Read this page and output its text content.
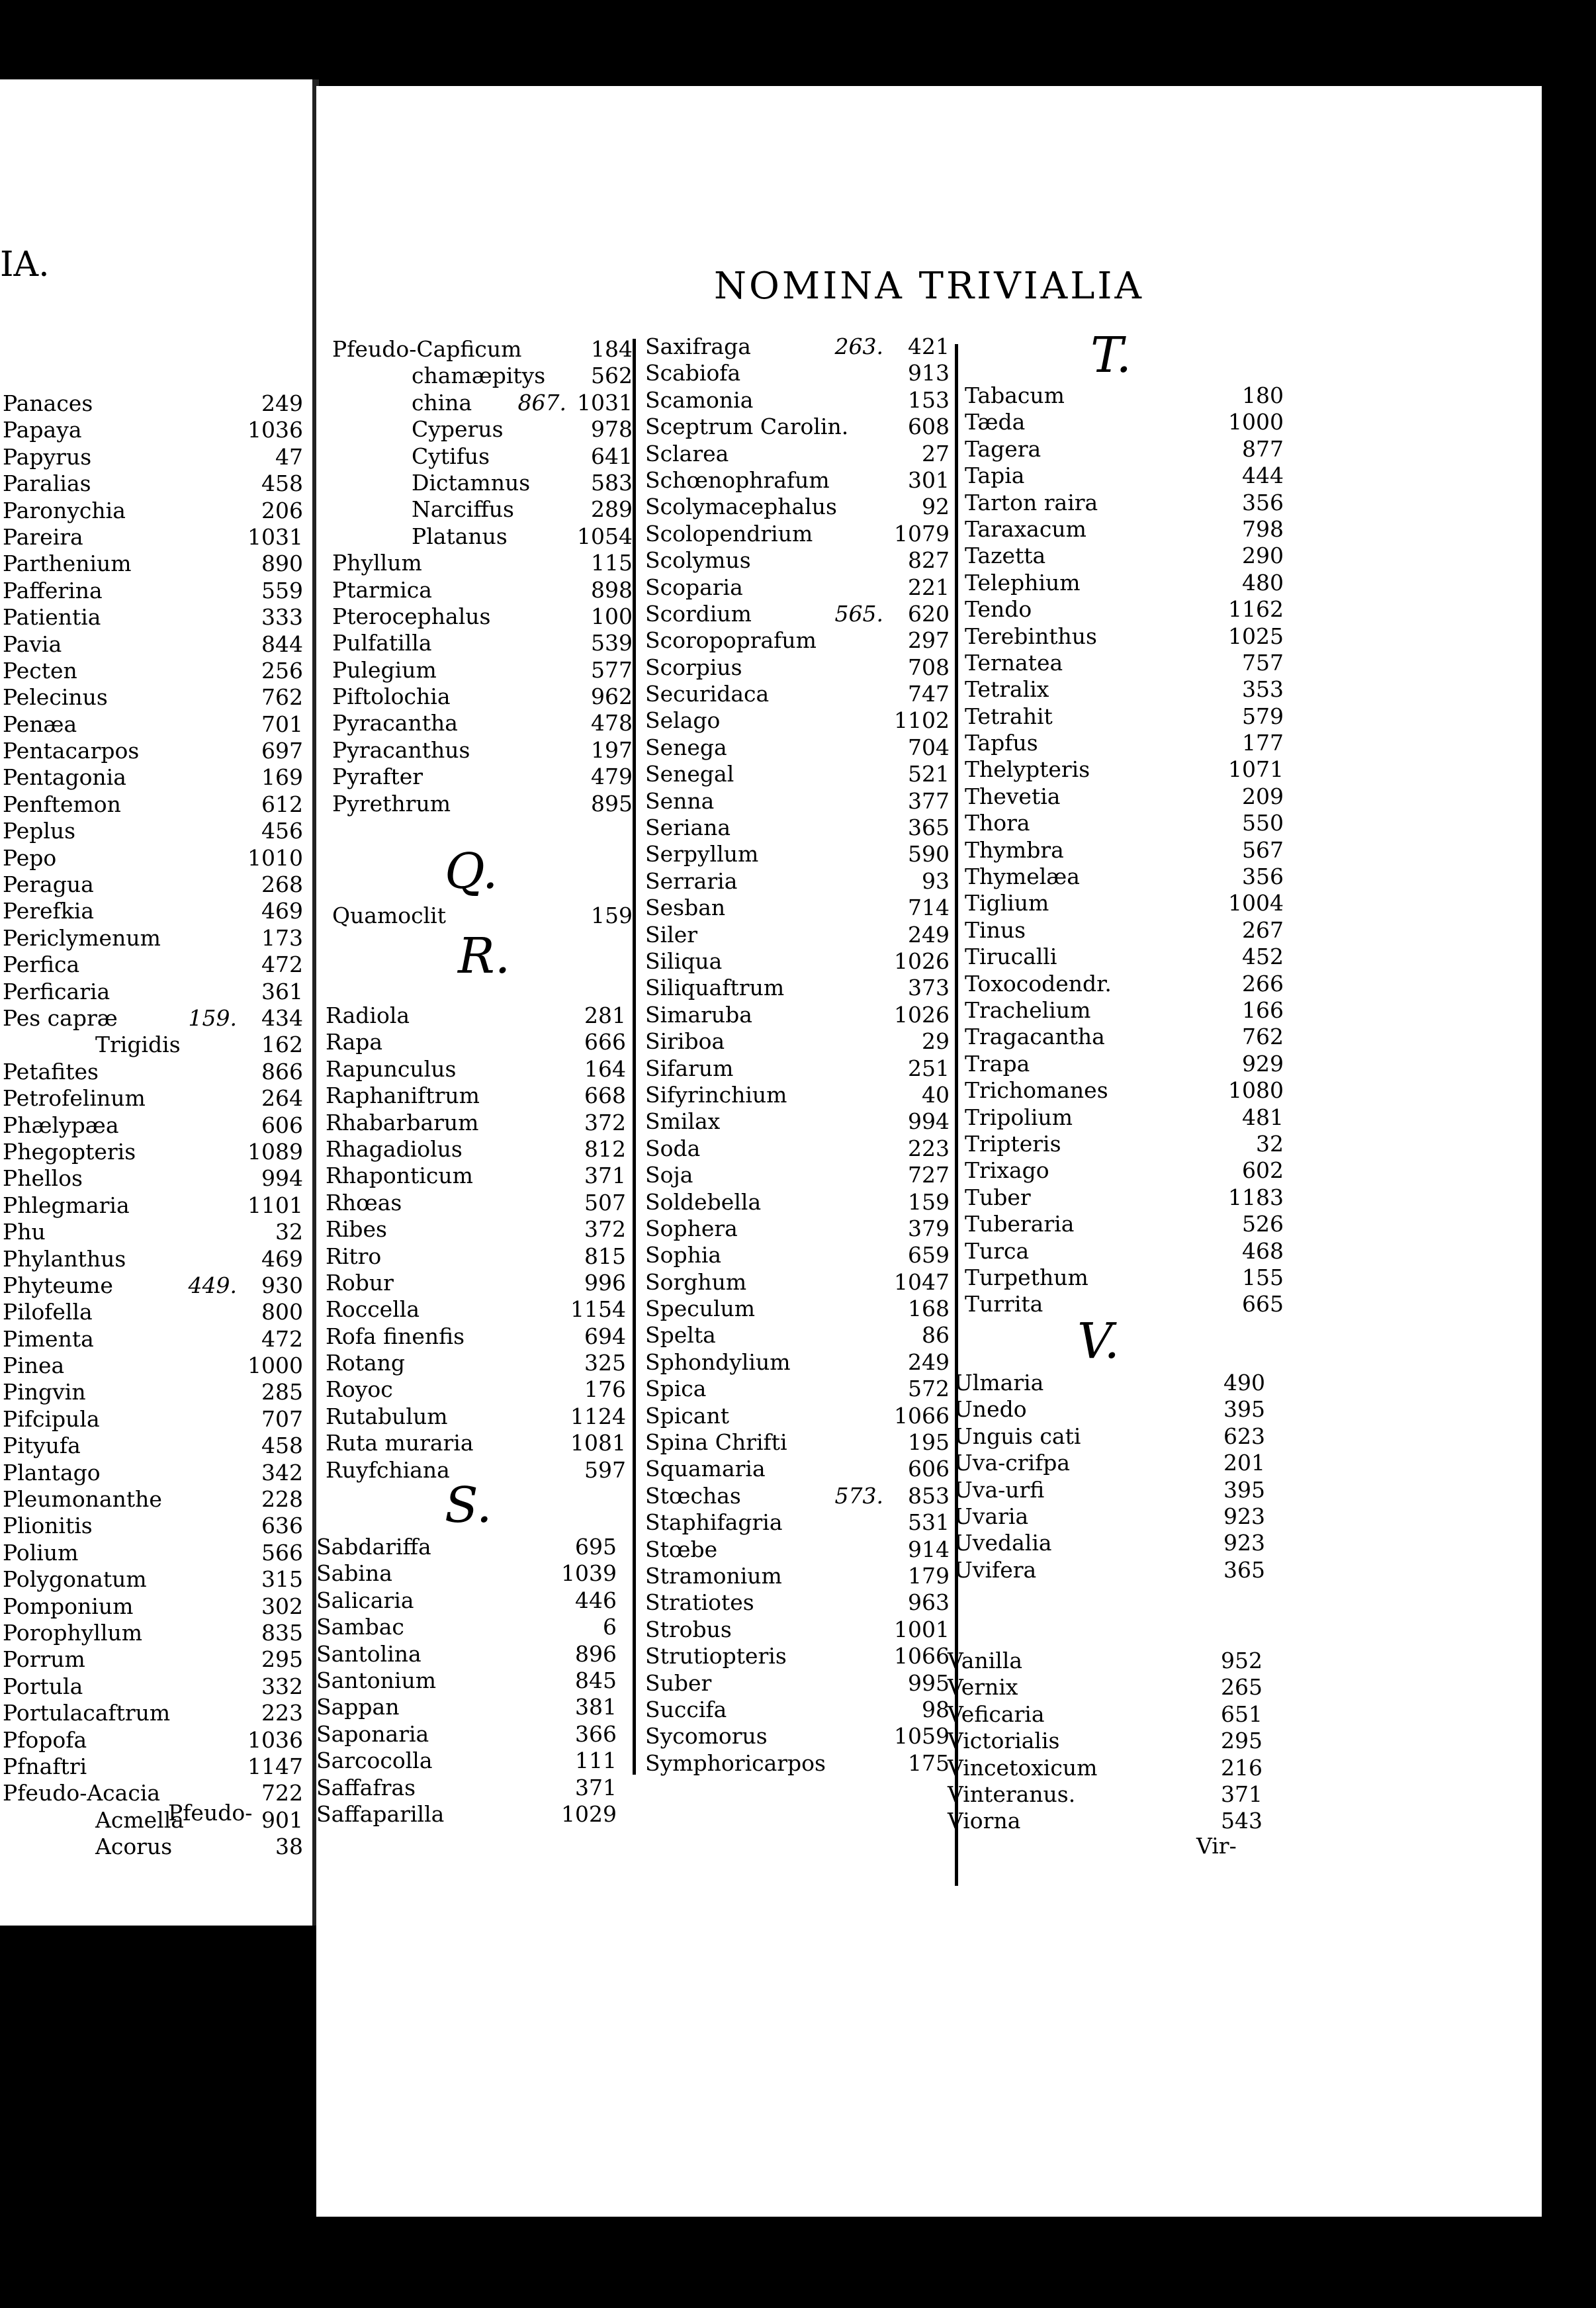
IA.
Panaces	249
Papaya	1036
Papyrus	47
Paralias	458
Paronychia	206
Pareira	1031
Parthenium	890
Pafferina	559
Patientia	333
Pavia	844
Pecten	256
Pelecinus	762
Penæa	701
Pentacarpos	697
Pentagonia	169
Penftemon	612
Peplus	456
Pepo	1010
Peragua	268
Perefkia	469
Periclymenum	173
Perfica	472
Perficaria	361
Pes capræ	159. 434
Trigidis	162
Petafites	866
Petrofelinum	264
Phælypæa	606
Phegopteris	1089
Phellos	994
Phlegmaria	1101
Phu	32
Phylanthus	469
Phyteume	449. 930
Pilofella	800
Pimenta	472
Pinea	1000
Pingvin	285
Pifcipula	707
Pityufa	458
Plantago	342
Pleumonanthe	228
Plionitis	636
Polium	566
Polygonatum	315
Pomponium	302
Porophyllum	835
Porrum	295
Portula	332
Portulacaftrum	223
Pfopofa	1036
Pfnaftri	1147
Pfeudo-Acacia	722
Acmella	901
Acorus	38
Pfeudo-
NOMINA TRIVIALIA
Pfeudo-Capficum	184
chamæpitys 562
china 867. 1031
Cyperus	978
Cytifus	641
Dictamnus	583
Narciffus	289
Platanus	1054
Phyllum	115
Ptarmica	898
Pterocephalus	100
Pulfatilla	539
Pulegium	577
Piftolochia	962
Pyracantha	478
Pyracanthus	197
Pyrafter	479
Pyrethrum	895
Q.
Quamoclit	159
R.
Radiola	281
Rapa	666
Rapunculus	164
Raphaniftrum	668
Rhabarbarum	372
Rhagadiolus	812
Rhaponticum	371
Rhœas	507
Ribes	372
Ritro	815
Robur	996
Roccella	1154
Rofa finenfis	694
Rotang	325
Royoc	176
Rutabulum	1124
Ruta muraria	1081
Ruyfchiana	597
S.
Sabdariffa	695
Sabina	1039
Salicaria	446
Sambac	6
Santolina	896
Santonium	845
Sappan	381
Saponaria	366
Sarcocolla	111
Saffafras	371
Saffaparilla	1029
Saxifraga	263. 421
Scabiofa	913
Scamonia	153
Sceptrum Carolin.	608
Sclarea	27
Schœnophrafum	301
Scolymacephalus	92
Scolopendrium	1079
Scolymus	827
Scoparia	221
Scordium	565. 620
Scoropoprafum	297
Scorpius	708
Securidaca	747
Selago	1102
Senega	704
Senegal	521
Senna	377
Seriana	365
Serpyllum	590
Serraria	93
Sesban	714
Siler	249
Siliqua	1026
Siliquaftrum	373
Simaruba	1026
Siriboa	29
Sifarum	251
Sifyrinchium	40
Smilax	994
Soda	223
Soja	727
Soldebella	159
Sophera	379
Sophia	659
Sorghum	1047
Speculum	168
Spelta	86
Sphondylium	249
Spica	572
Spicant	1066
Spina Chrifti	195
Squamaria	606
Stœchas	573. 853
Staphifagria	531
Stœbe	914
Stramonium	179
Stratiotes	963
Strobus	1001
Strutiopteris	1066
Suber	995
Succifa	98
Sycomorus	1059
Symphoricarpos	175
T.
Tabacum	180
Tæda	1000
Tagera	877
Tapia	444
Tarton raira	356
Taraxacum	798
Tazetta	290
Telephium	480
Tendo	1162
Terebinthus	1025
Ternatea	757
Tetralix	353
Tetrahit	579
Tapfus	177
Thelypteris	1071
Thevetia	209
Thora	550
Thymbra	567
Thymelæa	356
Tiglium	1004
Tinus	267
Tirucalli	452
Toxocodendr.	266
Trachelium	166
Tragacantha	762
Trapa	929
Trichomanes	1080
Tripolium	481
Tripteris	32
Trixago	602
Tuber	1183
Tuberaria	526
Turca	468
Turpethum	155
Turrita	665
V.
Ulmaria	490
Unedo	395
Unguis cati	623
Uva-crifpa	201
Uva-urfi	395
Uvaria	923
Uvedalia	923
Uvifera	365
Vanilla	952
Vernix	265
Veficaria	651
Victorialis	295
Vincetoxicum	216
Vinteranus.	371
Viorna	543
Vir-
